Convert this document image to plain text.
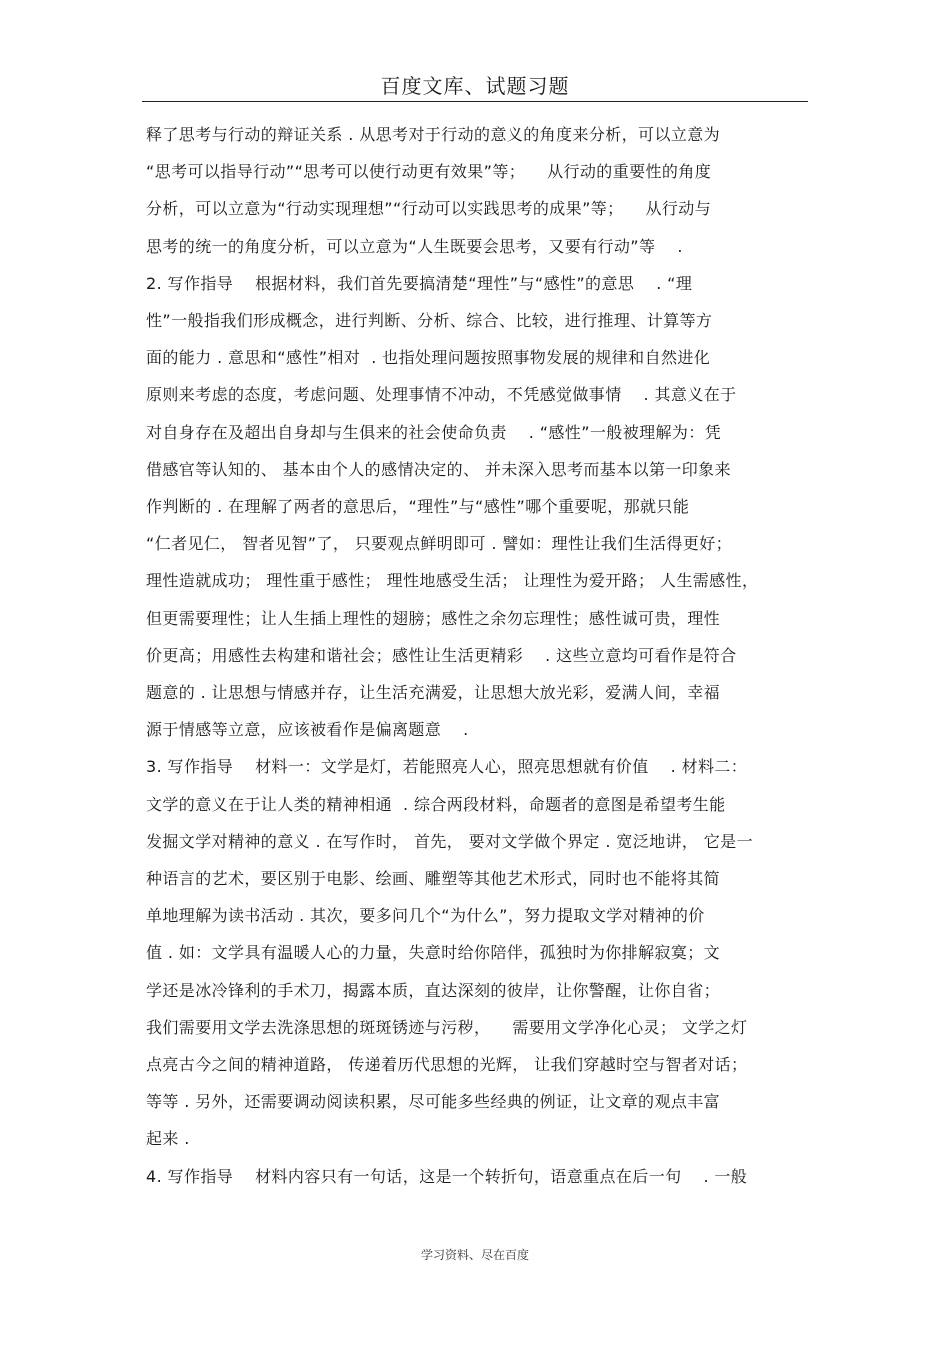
百度文库、试题习题
释了思考与行动的辩证关系 . 从思考对于行动的意义的角度来分析，可以立意为
“思考可以指导行动”“思考可以使行动更有效果”等；    从行动的重要性的角度
分析，可以立意为“行动实现理想”“行动可以实践思考的成果”等；    从行动与
思考的统一的角度分析，可以立意为“人生既要会思考，又要有行动”等    .
2. 写作指导    根据材料，我们首先要搞清楚“理性”与“感性”的意思    . “理
性”一般指我们形成概念，进行判断、分析、综合、比较，进行推理、计算等方
面的能力 . 意思和“感性”相对  . 也指处理问题按照事物发展的规律和自然进化
原则来考虑的态度，考虑问题、处理事情不冲动，不凭感觉做事情    . 其意义在于
对自身存在及超出自身却与生俱来的社会使命负责    . “感性”一般被理解为：凭
借感官等认知的、 基本由个人的感情决定的、 并未深入思考而基本以第一印象来
作判断的 . 在理解了两者的意思后，“理性”与“感性”哪个重要呢，那就只能
“仁者见仁， 智者见智”了， 只要观点鲜明即可 . 譬如：理性让我们生活得更好；
理性造就成功； 理性重于感性； 理性地感受生活； 让理性为爱开路； 人生需感性，
但更需要理性；让人生插上理性的翅膀；感性之余勿忘理性；感性诚可贵，理性
价更高；用感性去构建和谐社会；感性让生活更精彩    . 这些立意均可看作是符合
题意的 . 让思想与情感并存，让生活充满爱，让思想大放光彩，爱满人间，幸福
源于情感等立意，应该被看作是偏离题意    .
3. 写作指导    材料一：文学是灯，若能照亮人心，照亮思想就有价值    . 材料二：
文学的意义在于让人类的精神相通  . 综合两段材料，命题者的意图是希望考生能
发掘文学对精神的意义 . 在写作时， 首先， 要对文学做个界定 . 宽泛地讲， 它是一
种语言的艺术，要区别于电影、绘画、雕塑等其他艺术形式，同时也不能将其简
单地理解为读书活动 . 其次，要多问几个“为什么”，努力提取文学对精神的价
值 . 如：文学具有温暖人心的力量，失意时给你陪伴，孤独时为你排解寂寞；文
学还是冰冷锋利的手术刀，揭露本质，直达深刻的彼岸，让你警醒，让你自省；
我们需要用文学去洗涤思想的斑斑锈迹与污秽，    需要用文学净化心灵； 文学之灯
点亮古今之间的精神道路， 传递着历代思想的光辉， 让我们穿越时空与智者对话；
等等 . 另外，还需要调动阅读积累，尽可能多些经典的例证，让文章的观点丰富
起来 .
4. 写作指导    材料内容只有一句话，这是一个转折句，语意重点在后一句    . 一般
学习资料、尽在百度
